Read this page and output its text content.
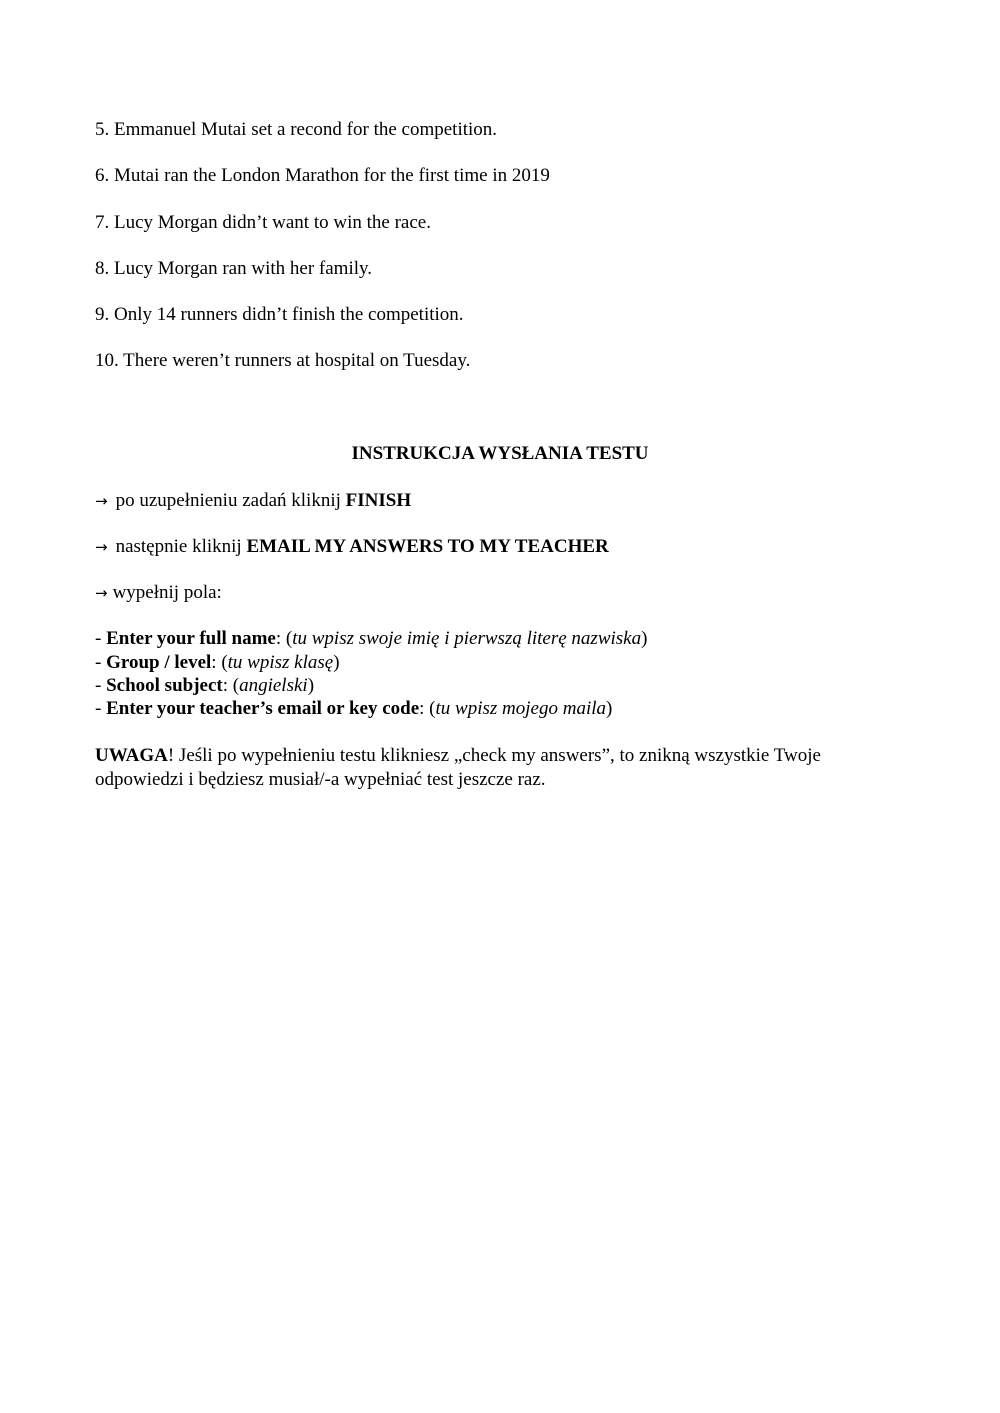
5. Emmanuel Mutai set a recond for the competition.
6. Mutai ran the London Marathon for the first time in 2019
7. Lucy Morgan didn’t want to win the race.
8. Lucy Morgan ran with her family.
9. Only 14 runners didn’t finish the competition.
10. There weren’t runners at hospital on Tuesday.
INSTRUKCJA WYSŁANIA TESTU
→ po uzupełnieniu zadań kliknij FINISH
→ następnie kliknij EMAIL MY ANSWERS TO MY TEACHER
→ wypełnij pola:
- Enter your full name: (tu wpisz swoje imię i pierwszą literę nazwiska)
- Group / level: (tu wpisz klasę)
- School subject: (angielski)
- Enter your teacher’s email or key code: (tu wpisz mojego maila)
UWAGA! Jeśli po wypełnieniu testu klikniesz „check my answers”, to znikną wszystkie Twoje odpowiedzi i będziesz musiał/-a wypełniać test jeszcze raz.
